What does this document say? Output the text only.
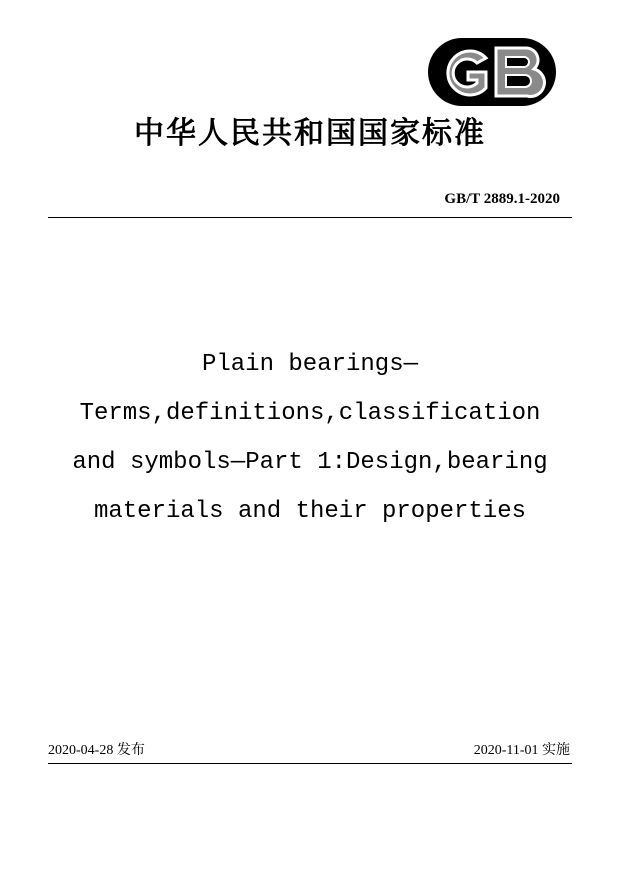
中华人民共和国国家标准
GB/T 2889.1-2020
Plain bearings—
Terms,definitions,classification
and symbols—Part 1:Design,bearing
materials and their properties
2020-04-28 发布	2020-11-01 实施
